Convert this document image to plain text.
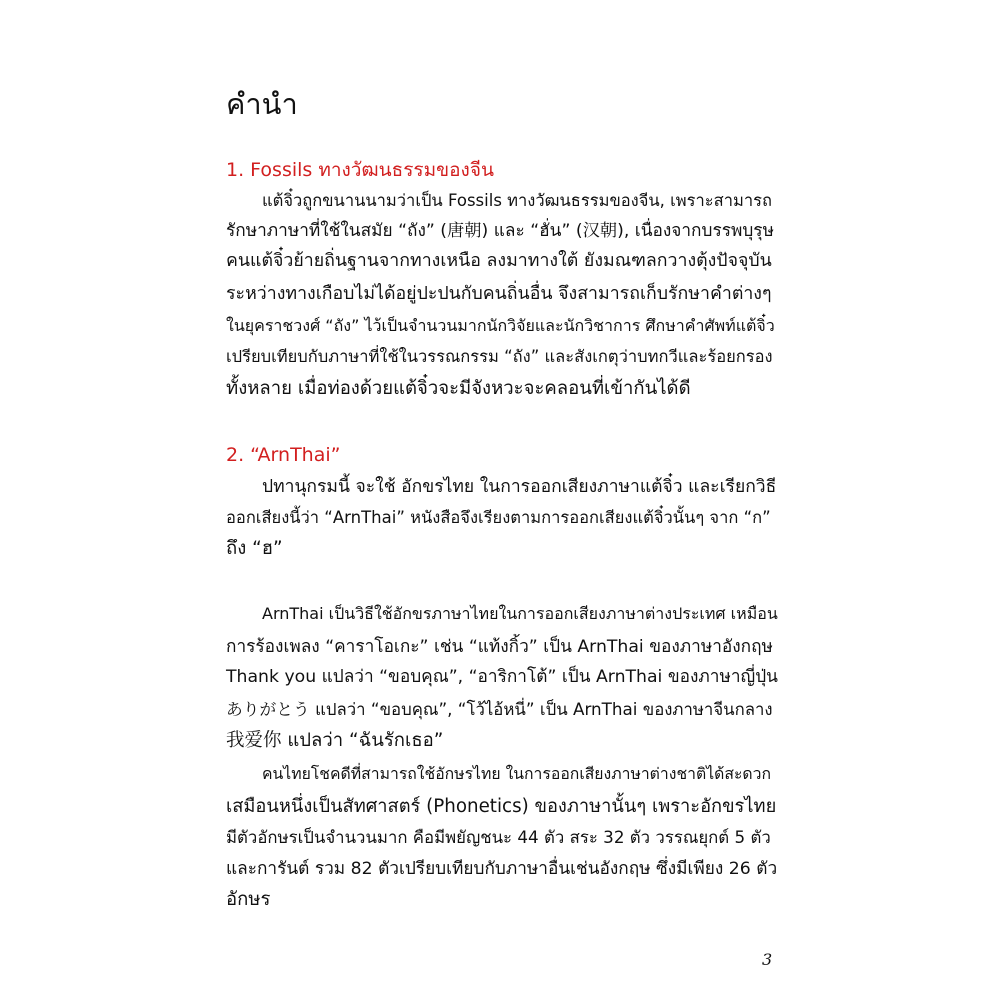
คำนำ

1. Fossils ทางวัฒนธรรมของจีน

แต้จิ๋วถูกขนานนามว่าเป็น Fossils ทางวัฒนธรรมของจีน, เพราะสามารถ

รักษาภาษาที่ใช้ในสมัย “ถัง” (唐朝) และ “ฮั่น” (汉朝), เนื่องจากบรรพบุรุษ

คนแต้จิ๋วย้ายถิ่นฐานจากทางเหนือ ลงมาทางใต้ ยังมณฑลกวางตุ้งปัจจุบัน

ระหว่างทางเกือบไม่ได้อยู่ปะปนกับคนถิ่นอื่น จึงสามารถเก็บรักษาคำต่างๆ

ในยุคราชวงศ์ “ถัง” ไว้เป็นจำนวนมากนักวิจัยและนักวิชาการ ศึกษาคำศัพท์แต้จิ๋ว

เปรียบเทียบกับภาษาที่ใช้ในวรรณกรรม “ถัง” และสังเกตุว่าบทกวีและร้อยกรอง

ทั้งหลาย เมื่อท่องด้วยแต้จิ๋วจะมีจังหวะจะคลอนที่เข้ากันได้ดี

2. “ArnThai”

ปทานุกรมนี้ จะใช้ อักขรไทย ในการออกเสียงภาษาแต้จิ๋ว และเรียกวิธี

ออกเสียงนี้ว่า “ArnThai” หนังสือจึงเรียงตามการออกเสียงแต้จิ๋วนั้นๆ จาก “ก”

ถึง “ฮ”

ArnThai เป็นวิธีใช้อักขรภาษาไทยในการออกเสียงภาษาต่างประเทศ เหมือน

การร้องเพลง “คาราโอเกะ” เช่น “แท้งกิ้ว” เป็น ArnThai ของภาษาอังกฤษ

Thank you แปลว่า “ขอบคุณ”, “อาริกาโต้” เป็น ArnThai ของภาษาญี่ปุ่น

ありがとう แปลว่า “ขอบคุณ”, “โว้ไอ้หนี่” เป็น ArnThai ของภาษาจีนกลาง

我爱你 แปลว่า “ฉันรักเธอ”

คนไทยโชคดีที่สามารถใช้อักษรไทย ในการออกเสียงภาษาต่างชาติได้สะดวก

เสมือนหนึ่งเป็นสัทศาสตร์ (Phonetics) ของภาษานั้นๆ เพราะอักขรไทย

มีตัวอักษรเป็นจำนวนมาก คือมีพยัญชนะ 44 ตัว สระ 32 ตัว วรรณยุกต์ 5 ตัว

และการันต์ รวม 82 ตัวเปรียบเทียบกับภาษาอื่นเช่นอังกฤษ ซึ่งมีเพียง 26 ตัว

อักษร

3
